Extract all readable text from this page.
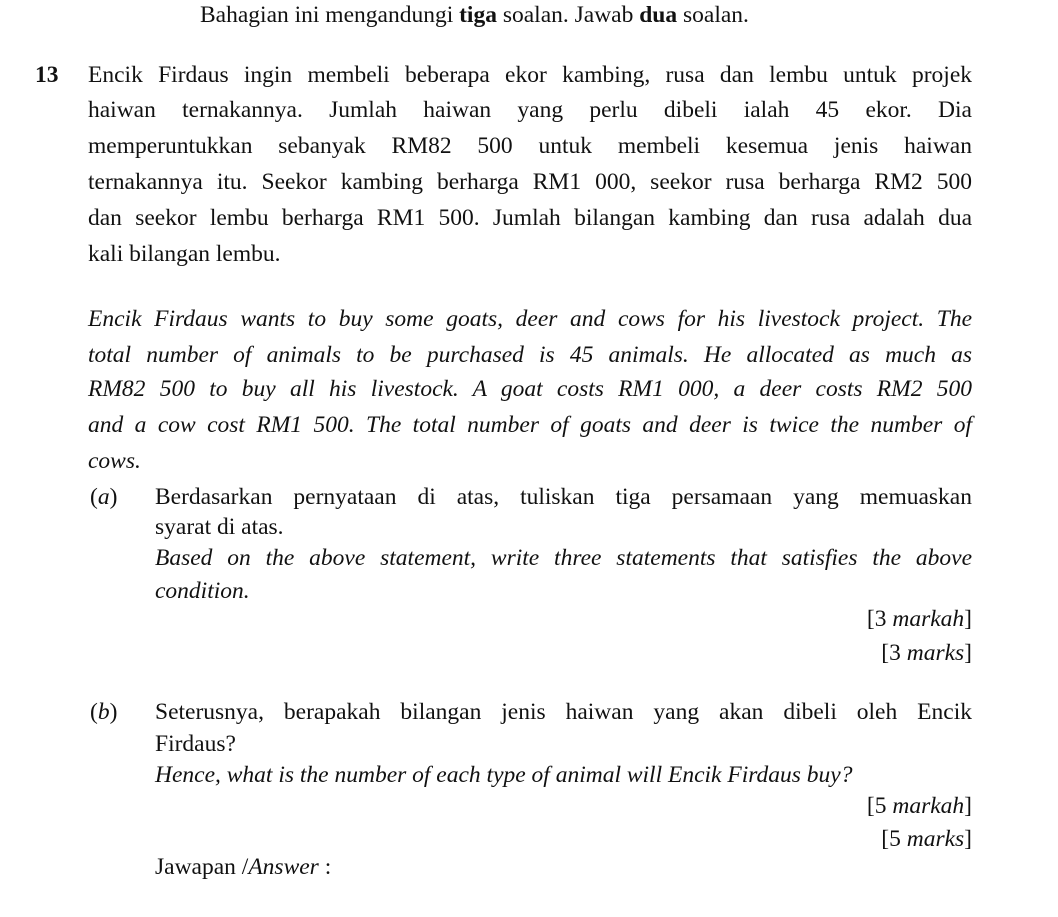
Bahagian ini mengandungi tiga soalan. Jawab dua soalan.
13 Encik Firdaus ingin membeli beberapa ekor kambing, rusa dan lembu untuk projek
haiwan ternakannya. Jumlah haiwan yang perlu dibeli ialah 45 ekor. Dia
memperuntukkan sebanyak RM82 500 untuk membeli kesemua jenis haiwan
ternakannya itu. Seekor kambing berharga RM1 000, seekor rusa berharga RM2 500
dan seekor lembu berharga RM1 500. Jumlah bilangan kambing dan rusa adalah dua
kali bilangan lembu.
Encik Firdaus wants to buy some goats, deer and cows for his livestock project. The
total number of animals to be purchased is 45 animals. He allocated as much as
RM82 500 to buy all his livestock. A goat costs RM1 000, a deer costs RM2 500
and a cow cost RM1 500. The total number of goats and deer is twice the number of
cows.
(a) Berdasarkan pernyataan di atas, tuliskan tiga persamaan yang memuaskan
syarat di atas.
Based on the above statement, write three statements that satisfies the above
condition.
[3 markah]
[3 marks]
(b) Seterusnya, berapakah bilangan jenis haiwan yang akan dibeli oleh Encik
Firdaus?
Hence, what is the number of each type of animal will Encik Firdaus buy?
[5 markah]
[5 marks]
Jawapan /Answer :
